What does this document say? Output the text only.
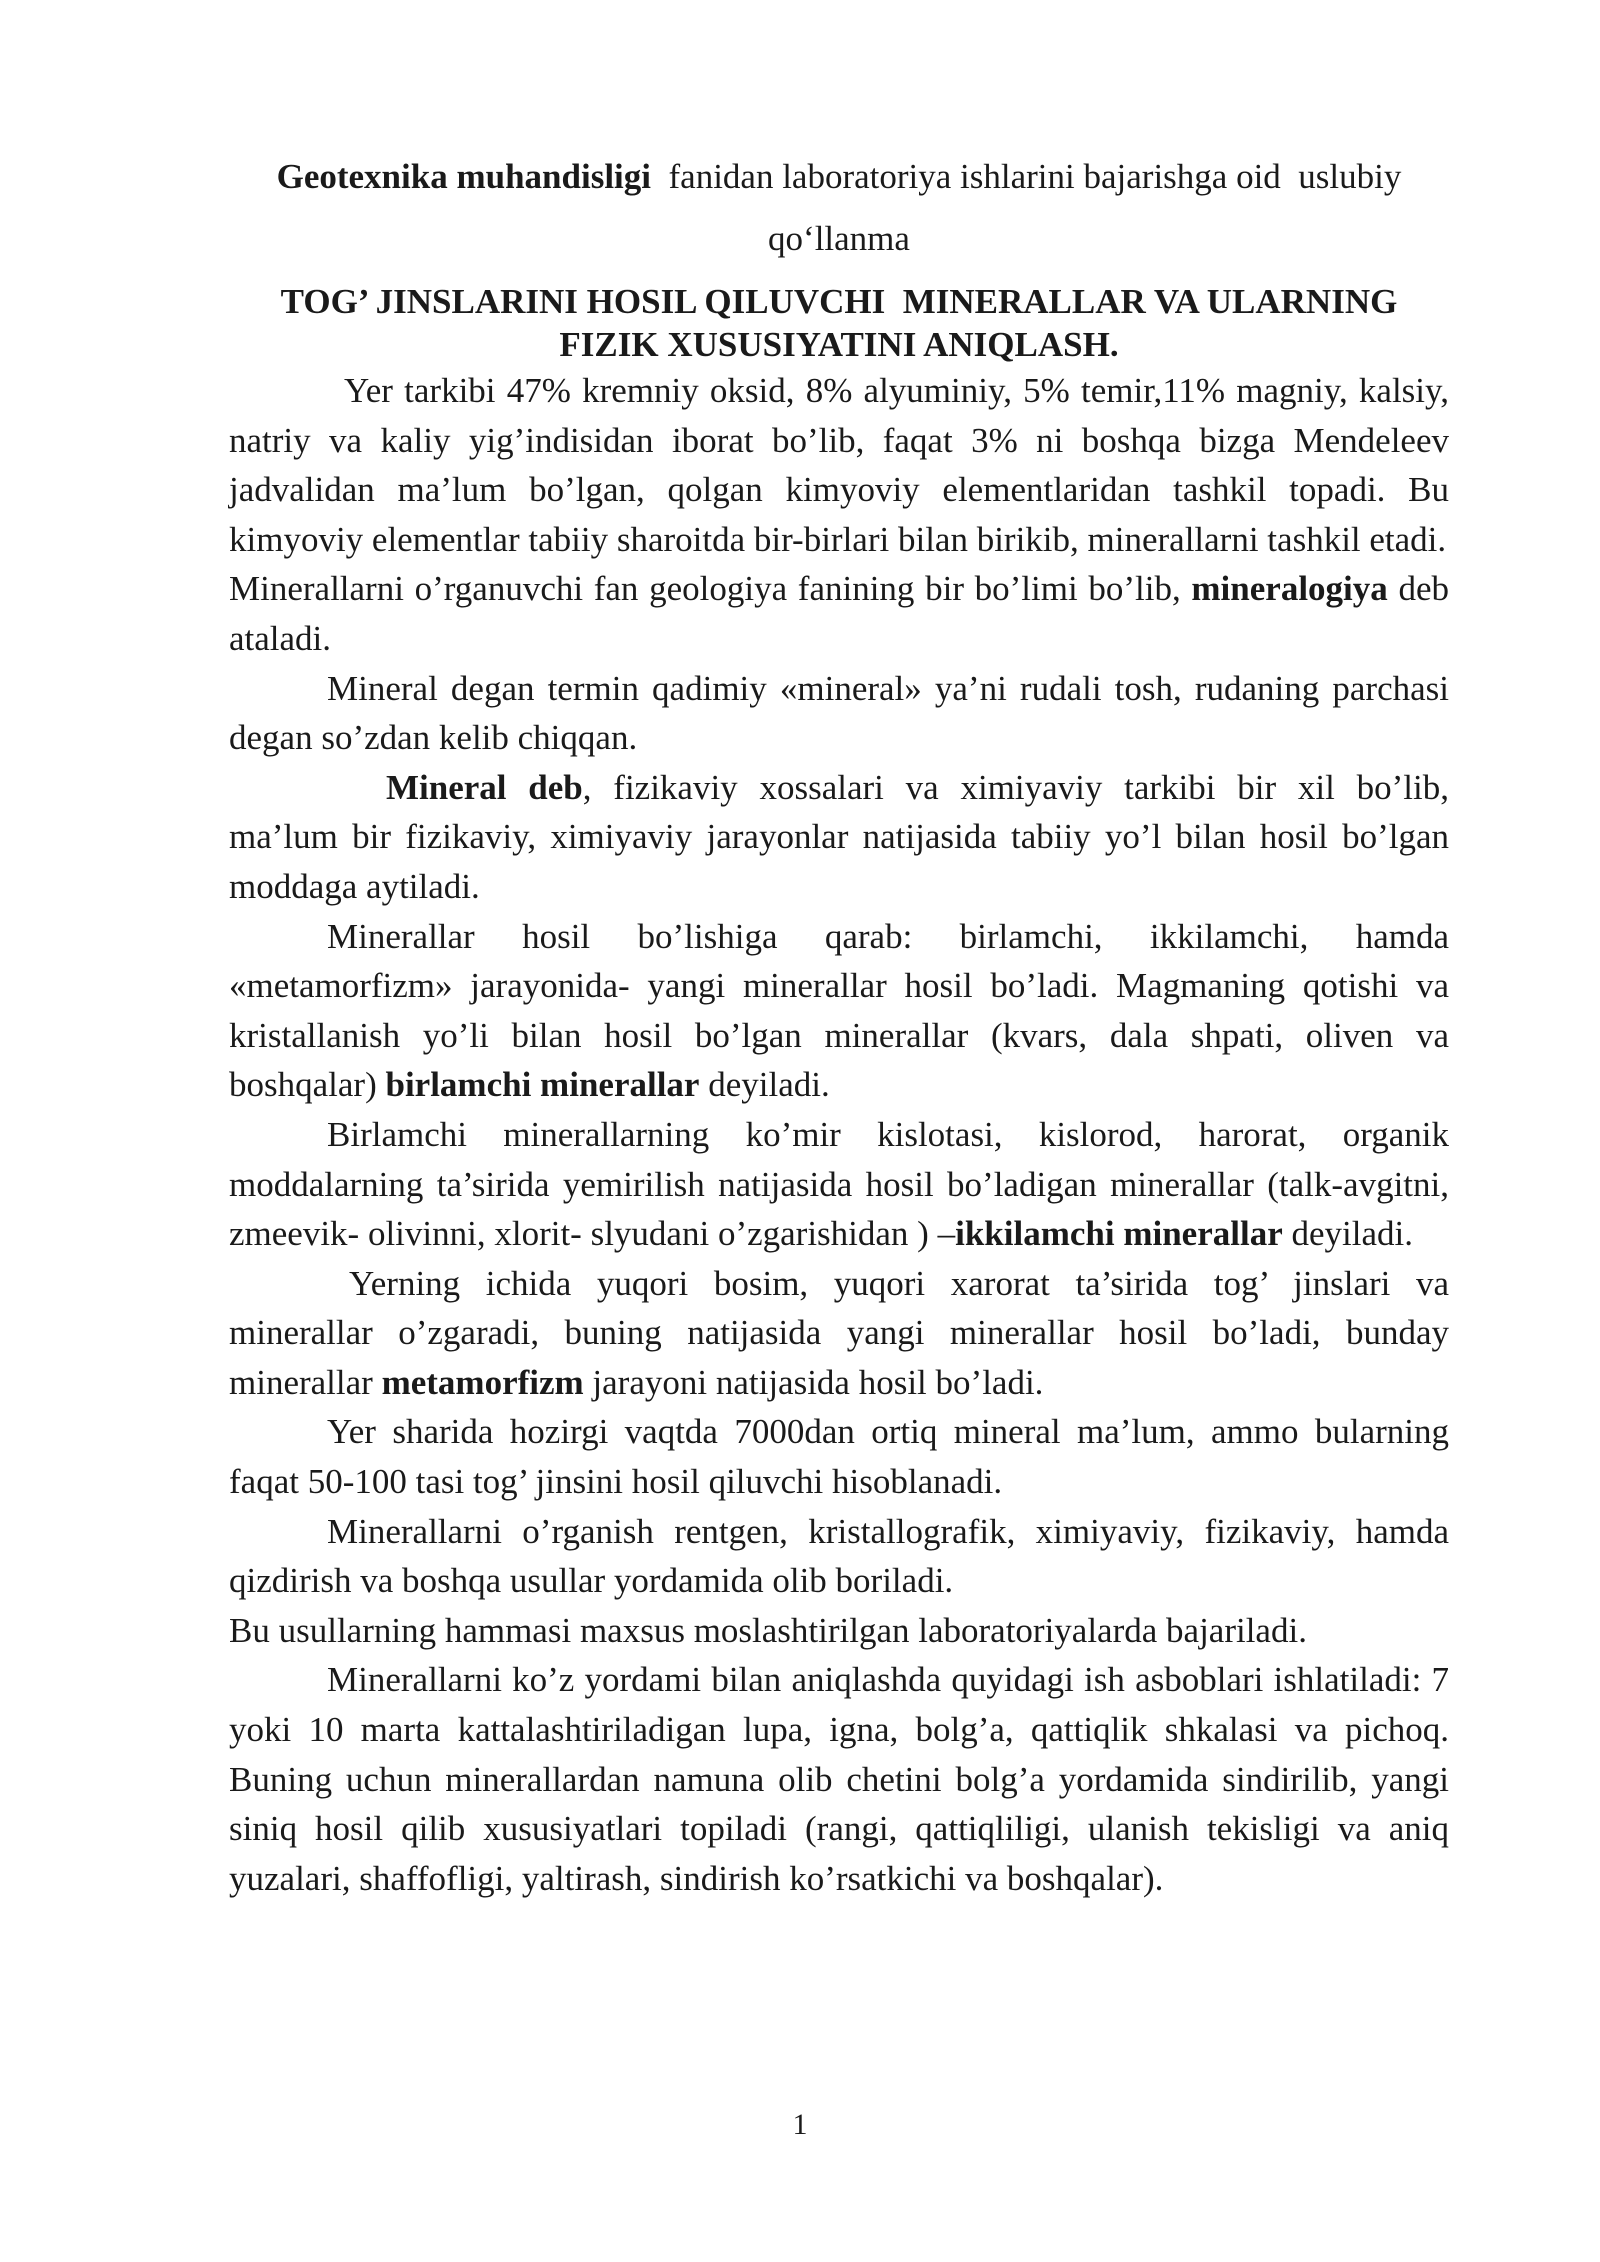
Geotexnika muhandisligi  fanidan laboratoriya ishlarini bajarishga oid  uslubiy

qo‘llanma

TOG’ JINSLARINI HOSIL QILUVCHI  MINERALLAR VA ULARNING
FIZIK XUSUSIYATINI ANIQLASH.

Yer tarkibi 47% kremniy oksid, 8% alyuminiy, 5% temir,11% magniy, kalsiy, natriy va kaliy yig’indisidan iborat bo’lib, faqat 3% ni boshqa bizga Mendeleev jadvalidan ma’lum bo’lgan, qolgan kimyoviy elementlaridan tashkil topadi. Bu kimyoviy elementlar tabiiy sharoitda bir-birlari bilan birikib, minerallarni tashkil etadi.

Minerallarni o’rganuvchi fan geologiya fanining bir bo’limi bo’lib, mineralogiya deb ataladi.

Mineral degan termin qadimiy «mineral» ya’ni rudali tosh, rudaning parchasi degan so’zdan kelib chiqqan.

Mineral deb, fizikaviy xossalari va ximiyaviy tarkibi bir xil bo’lib, ma’lum bir fizikaviy, ximiyaviy jarayonlar natijasida tabiiy yo’l bilan hosil bo’lgan moddaga aytiladi.

Minerallar hosil bo’lishiga qarab: birlamchi, ikkilamchi, hamda «metamorfizm» jarayonida- yangi minerallar hosil bo’ladi. Magmaning qotishi va kristallanish yo’li bilan hosil bo’lgan minerallar (kvars, dala shpati, oliven va boshqalar) birlamchi minerallar deyiladi.

Birlamchi minerallarning ko’mir kislotasi, kislorod, harorat, organik moddalarning ta’sirida yemirilish natijasida hosil bo’ladigan minerallar (talk-avgitni, zmeevik- olivinni, xlorit- slyudani o’zgarishidan ) –ikkilamchi minerallar deyiladi.

Yerning ichida yuqori bosim, yuqori xarorat ta’sirida tog’ jinslari va minerallar o’zgaradi, buning natijasida yangi minerallar hosil bo’ladi, bunday minerallar metamorfizm jarayoni natijasida hosil bo’ladi.

Yer sharida hozirgi vaqtda 7000dan ortiq mineral ma’lum, ammo bularning faqat 50-100 tasi tog’ jinsini hosil qiluvchi hisoblanadi.

Minerallarni o’rganish rentgen, kristallografik, ximiyaviy, fizikaviy, hamda qizdirish va boshqa usullar yordamida olib boriladi.

Bu usullarning hammasi maxsus moslashtirilgan laboratoriyalarda bajariladi.

Minerallarni ko’z yordami bilan aniqlashda quyidagi ish asboblari ishlatiladi: 7 yoki 10 marta kattalashtiriladigan lupa, igna, bolg’a, qattiqlik shkalasi va pichoq. Buning uchun minerallardan namuna olib chetini bolg’a yordamida sindirilib, yangi siniq hosil qilib xususiyatlari topiladi (rangi, qattiqliligi, ulanish tekisligi va aniq yuzalari, shaffofligi, yaltirash, sindirish ko’rsatkichi va boshqalar).

1
